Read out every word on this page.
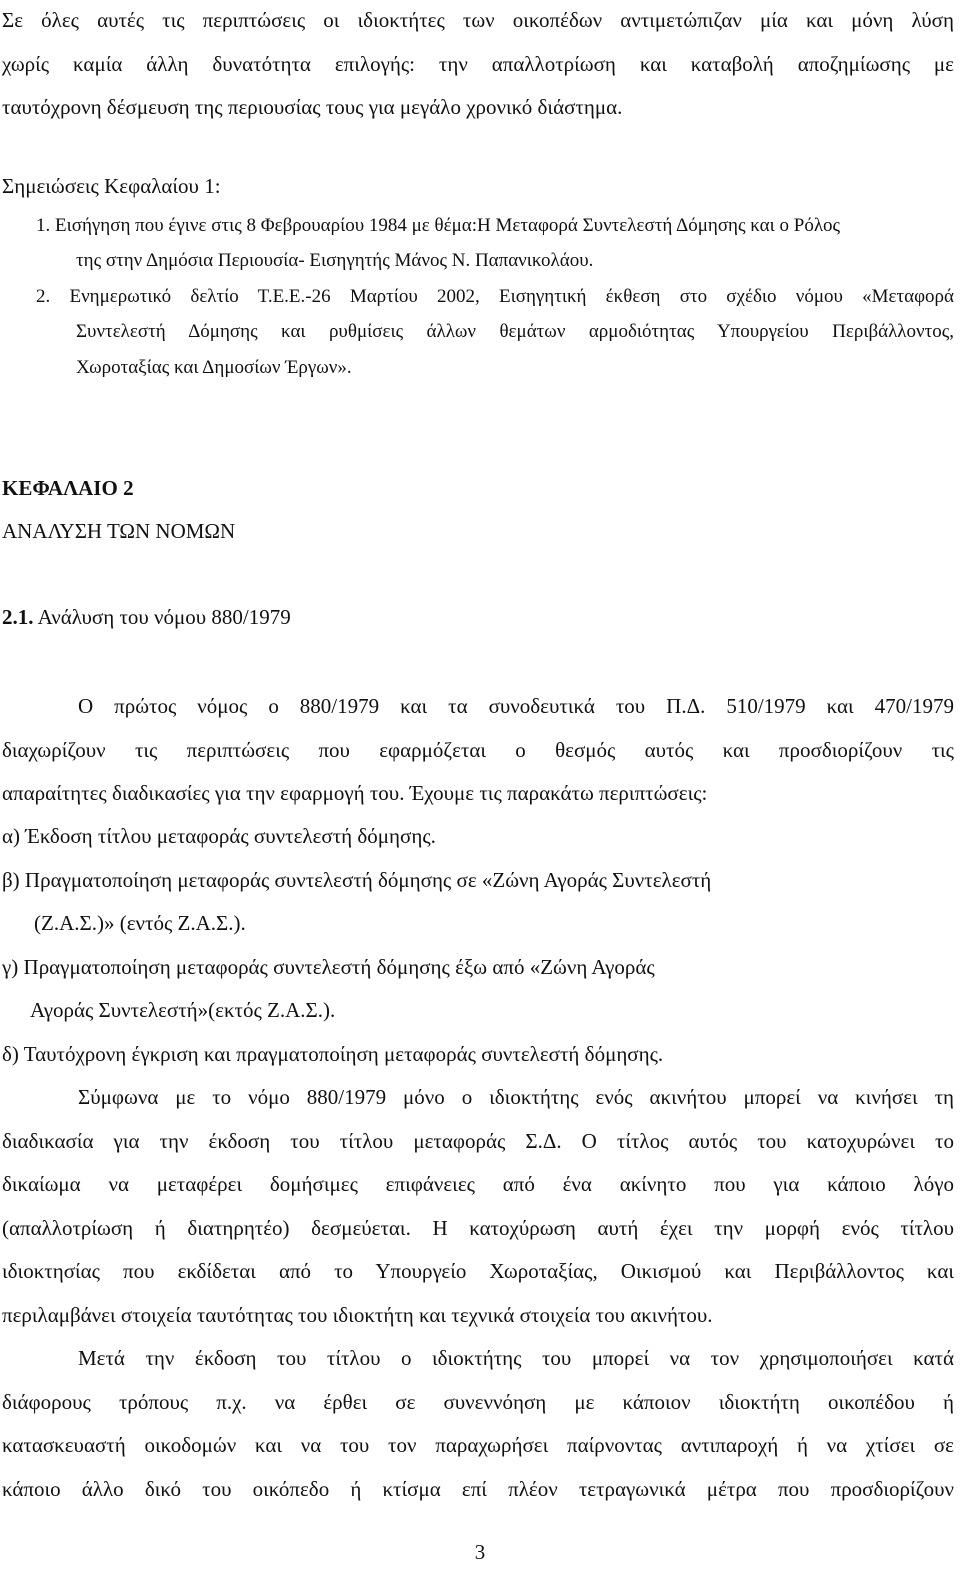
Σε όλες αυτές τις περιπτώσεις οι ιδιοκτήτες των οικοπέδων αντιμετώπιζαν μία και μόνη λύση
χωρίς καμία άλλη δυνατότητα επιλογής: την απαλλοτρίωση και καταβολή αποζημίωσης με
ταυτόχρονη δέσμευση της περιουσίας τους για μεγάλο χρονικό διάστημα.
Σημειώσεις Κεφαλαίου 1:
1. Εισήγηση που έγινε στις 8 Φεβρουαρίου 1984 με θέμα:Η Μεταφορά Συντελεστή Δόμησης και ο Ρόλος
της στην Δημόσια Περιουσία- Εισηγητής Μάνος Ν. Παπανικολάου.
2. Ενημερωτικό δελτίο Τ.Ε.Ε.-26 Μαρτίου 2002, Εισηγητική έκθεση στο σχέδιο νόμου «Μεταφορά
Συντελεστή Δόμησης και ρυθμίσεις άλλων θεμάτων αρμοδιότητας Υπουργείου Περιβάλλοντος,
Χωροταξίας και Δημοσίων Έργων».
ΚΕΦΑΛΑΙΟ 2
ΑΝΑΛΥΣΗ ΤΩΝ ΝΟΜΩΝ
2.1. Ανάλυση του νόμου 880/1979
Ο πρώτος νόμος ο 880/1979 και τα συνοδευτικά του Π.Δ. 510/1979 και 470/1979
διαχωρίζουν τις περιπτώσεις που εφαρμόζεται ο θεσμός αυτός και προσδιορίζουν τις
απαραίτητες διαδικασίες για την εφαρμογή του. Έχουμε τις παρακάτω περιπτώσεις:
α) Έκδοση τίτλου μεταφοράς συντελεστή δόμησης.
β) Πραγματοποίηση μεταφοράς συντελεστή δόμησης σε «Ζώνη Αγοράς Συντελεστή
(Ζ.Α.Σ.)» (εντός Ζ.Α.Σ.).
γ) Πραγματοποίηση μεταφοράς συντελεστή δόμησης έξω από «Ζώνη Αγοράς
Αγοράς Συντελεστή»(εκτός Ζ.Α.Σ.).
δ) Ταυτόχρονη έγκριση και πραγματοποίηση μεταφοράς συντελεστή δόμησης.
Σύμφωνα με το νόμο 880/1979 μόνο ο ιδιοκτήτης ενός ακινήτου μπορεί να κινήσει τη
διαδικασία για την έκδοση του τίτλου μεταφοράς Σ.Δ. Ο τίτλος αυτός του κατοχυρώνει το
δικαίωμα να μεταφέρει δομήσιμες επιφάνειες από ένα ακίνητο που για κάποιο λόγο
(απαλλοτρίωση ή διατηρητέο) δεσμεύεται. Η κατοχύρωση αυτή έχει την μορφή ενός τίτλου
ιδιοκτησίας που εκδίδεται από το Υπουργείο Χωροταξίας, Οικισμού και Περιβάλλοντος και
περιλαμβάνει στοιχεία ταυτότητας του ιδιοκτήτη και τεχνικά στοιχεία του ακινήτου.
Μετά την έκδοση του τίτλου ο ιδιοκτήτης του μπορεί να τον χρησιμοποιήσει κατά
διάφορους τρόπους π.χ. να έρθει σε συνεννόηση με κάποιον ιδιοκτήτη οικοπέδου ή
κατασκευαστή οικοδομών και να του τον παραχωρήσει παίρνοντας αντιπαροχή ή να χτίσει σε
κάποιο άλλο δικό του οικόπεδο ή κτίσμα επί πλέον τετραγωνικά μέτρα που προσδιορίζουν
3
